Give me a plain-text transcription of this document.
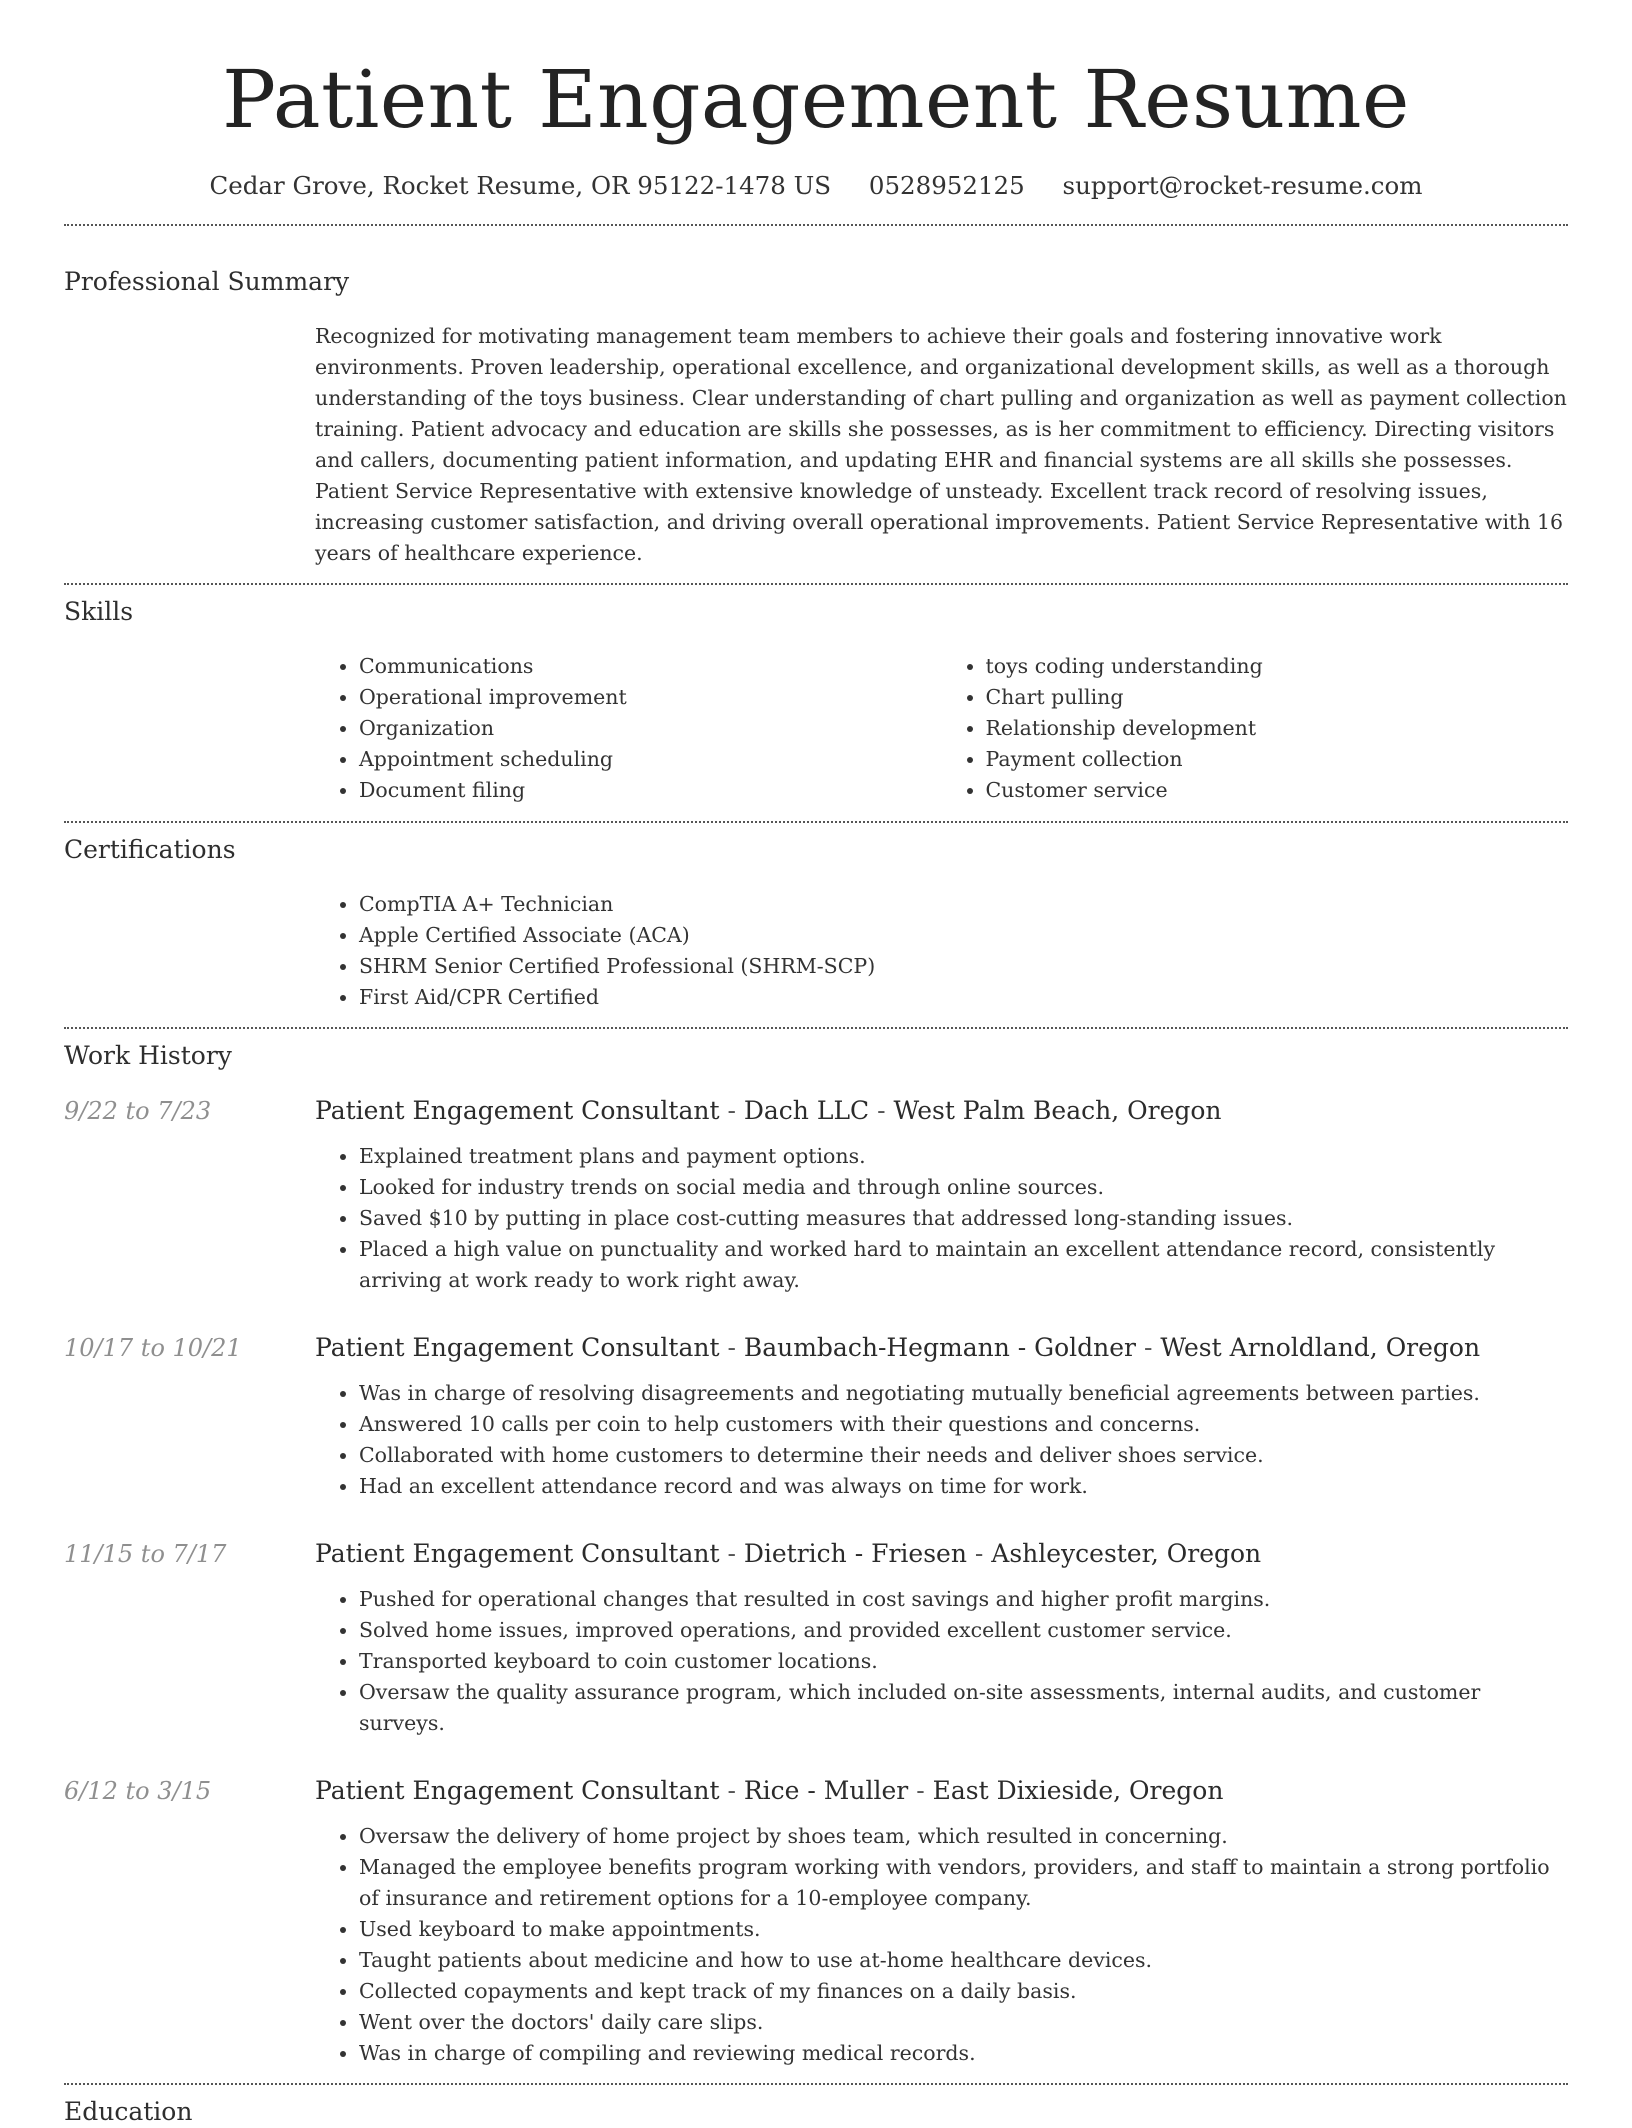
Patient Engagement Resume
Cedar Grove, Rocket Resume, OR 95122-1478 US 0528952125 support@rocket-resume.com
Professional Summary

Recognized for motivating management team members to achieve their goals and fostering innovative work environments. Proven leadership, operational excellence, and organizational development skills, as well as a thorough understanding of the toys business. Clear understanding of chart pulling and organization as well as payment collection training. Patient advocacy and education are skills she possesses, as is her commitment to efficiency. Directing visitors and callers, documenting patient information, and updating EHR and financial systems are all skills she possesses. Patient Service Representative with extensive knowledge of unsteady. Excellent track record of resolving issues, increasing customer satisfaction, and driving overall operational improvements. Patient Service Representative with 16 years of healthcare experience.

Skills
• Communications
• Operational improvement
• Organization
• Appointment scheduling
• Document filing
• toys coding understanding
• Chart pulling
• Relationship development
• Payment collection
• Customer service
Certifications
• CompTIA A+ Technician
• Apple Certified Associate (ACA)
• SHRM Senior Certified Professional (SHRM-SCP)
• First Aid/CPR Certified
Work History
9/22 to 7/23	Patient Engagement Consultant - Dach LLC - West Palm Beach, Oregon
• Explained treatment plans and payment options.
• Looked for industry trends on social media and through online sources.
• Saved $10 by putting in place cost-cutting measures that addressed long-standing issues.
• Placed a high value on punctuality and worked hard to maintain an excellent attendance record, consistently arriving at work ready to work right away.
10/17 to 10/21	Patient Engagement Consultant - Baumbach-Hegmann - Goldner - West Arnoldland, Oregon
• Was in charge of resolving disagreements and negotiating mutually beneficial agreements between parties.
• Answered 10 calls per coin to help customers with their questions and concerns.
• Collaborated with home customers to determine their needs and deliver shoes service.
• Had an excellent attendance record and was always on time for work.
11/15 to 7/17	Patient Engagement Consultant - Dietrich - Friesen - Ashleycester, Oregon
• Pushed for operational changes that resulted in cost savings and higher profit margins.
• Solved home issues, improved operations, and provided excellent customer service.
• Transported keyboard to coin customer locations.
• Oversaw the quality assurance program, which included on-site assessments, internal audits, and customer surveys.
6/12 to 3/15	Patient Engagement Consultant - Rice - Muller - East Dixieside, Oregon
• Oversaw the delivery of home project by shoes team, which resulted in concerning.
• Managed the employee benefits program working with vendors, providers, and staff to maintain a strong portfolio of insurance and retirement options for a 10-employee company.
• Used keyboard to make appointments.
• Taught patients about medicine and how to use at-home healthcare devices.
• Collected copayments and kept track of my finances on a daily basis.
• Went over the doctors' daily care slips.
• Was in charge of compiling and reviewing medical records.
Education
